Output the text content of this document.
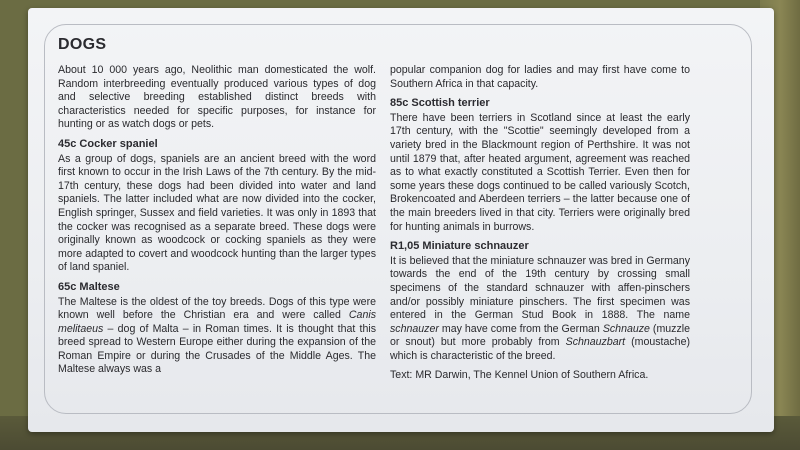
DOGS

About 10 000 years ago, Neolithic man domesticated the wolf. Random interbreeding eventually produced various types of dog and selective breeding established distinct breeds with characteristics needed for specific purposes, for instance for hunting or as watch dogs or pets.

45c Cocker spaniel

As a group of dogs, spaniels are an ancient breed with the word first known to occur in the Irish Laws of the 7th century. By the mid-17th century, these dogs had been divided into water and land spaniels. The latter included what are now divided into the cocker, English springer, Sussex and field varieties. It was only in 1893 that the cocker was recognised as a separate breed. These dogs were originally known as woodcock or cocking spaniels as they were more adapted to covert and woodcock hunting than the larger types of land spaniel.

65c Maltese

The Maltese is the oldest of the toy breeds. Dogs of this type were known well before the Christian era and were called Canis melitaeus – dog of Malta – in Roman times. It is thought that this breed spread to Western Europe either during the expansion of the Roman Empire or during the Crusades of the Middle Ages. The Maltese always was a

popular companion dog for ladies and may first have come to Southern Africa in that capacity.

85c Scottish terrier

There have been terriers in Scotland since at least the early 17th century, with the "Scottie" seemingly developed from a variety bred in the Blackmount region of Perthshire. It was not until 1879 that, after heated argument, agreement was reached as to what exactly constituted a Scottish Terrier. Even then for some years these dogs continued to be called variously Scotch, Brokencoated and Aberdeen terriers – the latter because one of the main breeders lived in that city. Terriers were originally bred for hunting animals in burrows.

R1,05 Miniature schnauzer

It is believed that the miniature schnauzer was bred in Germany towards the end of the 19th century by crossing small specimens of the standard schnauzer with affen-pinschers and/or possibly miniature pinschers. The first specimen was entered in the German Stud Book in 1888. The name schnauzer may have come from the German Schnauze (muzzle or snout) but more probably from Schnauzbart (moustache) which is characteristic of the breed.

Text: MR Darwin, The Kennel Union of Southern Africa.
